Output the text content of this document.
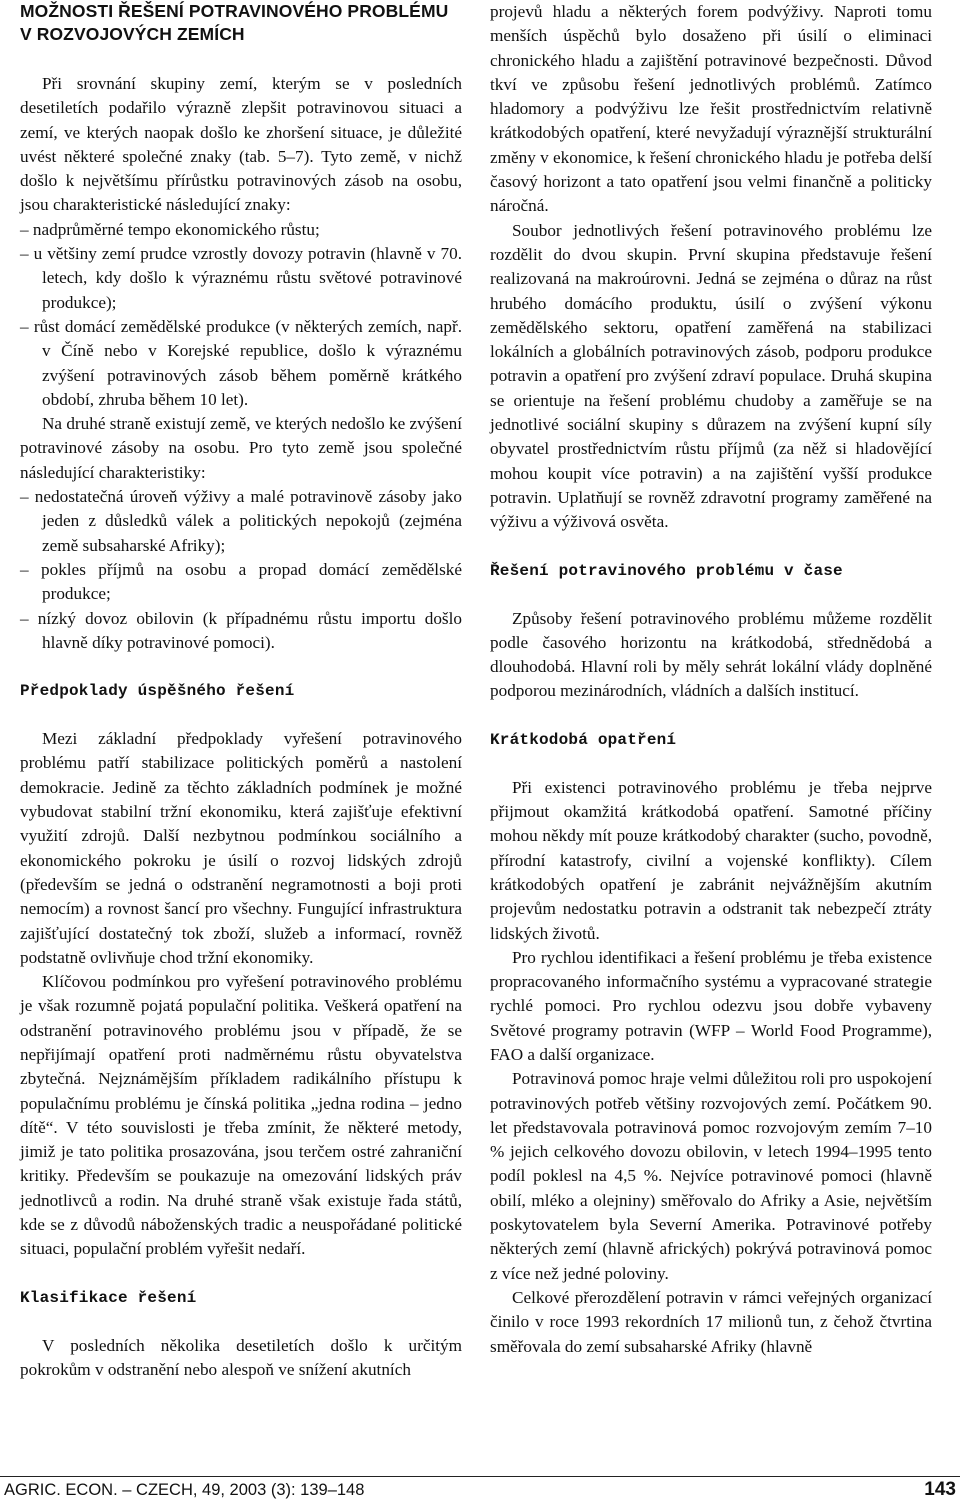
MOŽNOSTI ŘEŠENÍ POTRAVINOVÉHO PROBLÉMU V ROZVOJOVÝCH ZEMÍCH

Při srovnání skupiny zemí, kterým se v posledních desetiletích podařilo výrazně zlepšit potravinovou situaci a zemí, ve kterých naopak došlo ke zhoršení situace, je důležité uvést některé společné znaky (tab. 5–7). Tyto země, v nichž došlo k největšímu přírůstku potravinových zásob na osobu, jsou charakteristické následující znaky:

– nadprůměrné tempo ekonomického růstu;

– u většiny zemí prudce vzrostly dovozy potravin (hlavně v 70. letech, kdy došlo k výraznému růstu světové potravinové produkce);

– růst domácí zemědělské produkce (v některých zemích, např. v Číně nebo v Korejské republice, došlo k výraznému zvýšení potravinových zásob během poměrně krátkého období, zhruba během 10 let).

Na druhé straně existují země, ve kterých nedošlo ke zvýšení potravinové zásoby na osobu. Pro tyto země jsou společné následující charakteristiky:

– nedostatečná úroveň výživy a malé potravinově zásoby jako jeden z důsledků válek a politických nepokojů (zejména země subsaharské Afriky);

– pokles příjmů na osobu a propad domácí zemědělské produkce;

– nízký dovoz obilovin (k případnému růstu importu došlo hlavně díky potravinové pomoci).

Předpoklady úspěšného řešení

Mezi základní předpoklady vyřešení potravinového problému patří stabilizace politických poměrů a nastolení demokracie. Jedině za těchto základních podmínek je možné vybudovat stabilní tržní ekonomiku, která zajišťuje efektivní využití zdrojů. Další nezbytnou podmínkou sociálního a ekonomického pokroku je úsilí o rozvoj lidských zdrojů (především se jedná o odstranění negramotnosti a boji proti nemocím) a rovnost šancí pro všechny. Fungující infrastruktura zajišťující dostatečný tok zboží, služeb a informací, rovněž podstatně ovlivňuje chod tržní ekonomiky.

Klíčovou podmínkou pro vyřešení potravinového problému je však rozumně pojatá populační politika. Veškerá opatření na odstranění potravinového problému jsou v případě, že se nepřijímají opatření proti nadměrnému růstu obyvatelstva zbytečná. Nejznámějším příkladem radikálního přístupu k populačnímu problému je čínská politika „jedna rodina – jedno dítě“. V této souvislosti je třeba zmínit, že některé metody, jimiž je tato politika prosazována, jsou terčem ostré zahraniční kritiky. Především se poukazuje na omezování lidských práv jednotlivců a rodin. Na druhé straně však existuje řada států, kde se z důvodů náboženských tradic a neuspořádané politické situaci, populační problém vyřešit nedaří.

Klasifikace řešení

V posledních několika desetiletích došlo k určitým pokrokům v odstranění nebo alespoň ve snížení akutních

projevů hladu a některých forem podvýživy. Naproti tomu menších úspěchů bylo dosaženo při úsilí o eliminaci chronického hladu a zajištění potravinové bezpečnosti. Důvod tkví ve způsobu řešení jednotlivých problémů. Zatímco hladomory a podvýživu lze řešit prostřednictvím relativně krátkodobých opatření, které nevyžadují výraznější strukturální změny v ekonomice, k řešení chronického hladu je potřeba delší časový horizont a tato opatření jsou velmi finančně a politicky náročná.

Soubor jednotlivých řešení potravinového problému lze rozdělit do dvou skupin. První skupina představuje řešení realizovaná na makroúrovni. Jedná se zejména o důraz na růst hrubého domácího produktu, úsilí o zvýšení výkonu zemědělského sektoru, opatření zaměřená na stabilizaci lokálních a globálních potravinových zásob, podporu produkce potravin a opatření pro zvýšení zdraví populace. Druhá skupina se orientuje na řešení problému chudoby a zaměřuje se na jednotlivé sociální skupiny s důrazem na zvýšení kupní síly obyvatel prostřednictvím růstu příjmů (za něž si hladovějící mohou koupit více potravin) a na zajištění vyšší produkce potravin. Uplatňují se rovněž zdravotní programy zaměřené na výživu a výživová osvěta.

Řešení potravinového problému v čase

Způsoby řešení potravinového problému můžeme rozdělit podle časového horizontu na krátkodobá, střednědobá a dlouhodobá. Hlavní roli by měly sehrát lokální vlády doplněné podporou mezinárodních, vládních a dalších institucí.

Krátkodobá opatření

Při existenci potravinového problému je třeba nejprve přijmout okamžitá krátkodobá opatření. Samotné příčiny mohou někdy mít pouze krátkodobý charakter (sucho, povodně, přírodní katastrofy, civilní a vojenské konflikty). Cílem krátkodobých opatření je zabránit nejvážnějším akutním projevům nedostatku potravin a odstranit tak nebezpečí ztráty lidských životů.

Pro rychlou identifikaci a řešení problému je třeba existence propracovaného informačního systému a vypracované strategie rychlé pomoci. Pro rychlou odezvu jsou dobře vybaveny Světové programy potravin (WFP – World Food Programme), FAO a další organizace.

Potravinová pomoc hraje velmi důležitou roli pro uspokojení potravinových potřeb většiny rozvojových zemí. Počátkem 90. let představovala potravinová pomoc rozvojovým zemím 7–10 % jejich celkového dovozu obilovin, v letech 1994–1995 tento podíl poklesl na 4,5 %. Nejvíce potravinové pomoci (hlavně obilí, mléko a olejniny) směřovalo do Afriky a Asie, největším poskytovatelem byla Severní Amerika. Potravinové potřeby některých zemí (hlavně afrických) pokrývá potravinová pomoc z více než jedné poloviny.

Celkové přerozdělení potravin v rámci veřejných organizací činilo v roce 1993 rekordních 17 milionů tun, z čehož čtvrtina směřovala do zemí subsaharské Afriky (hlavně

AGRIC. ECON. – CZECH, 49, 2003 (3): 139–148	143
